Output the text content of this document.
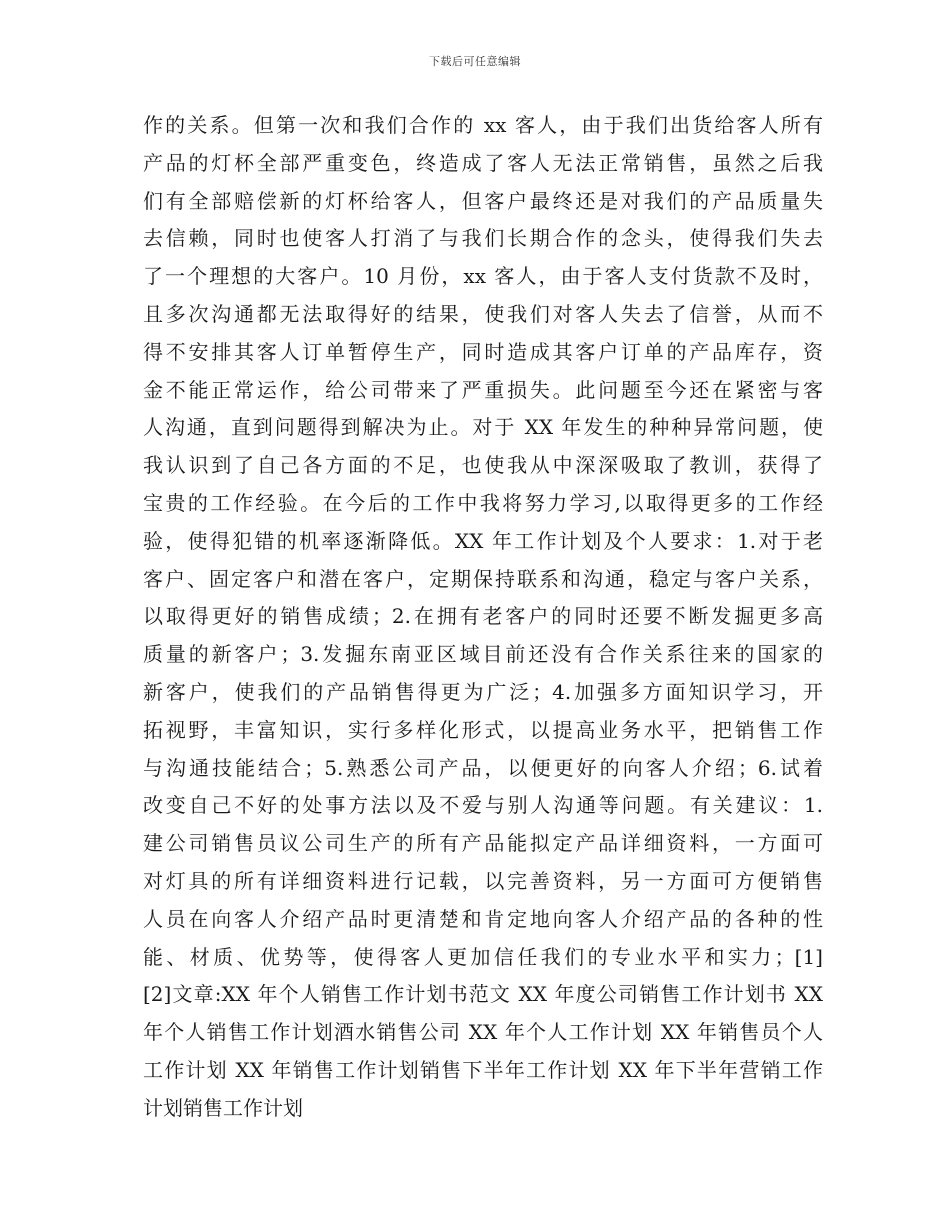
下载后可任意编辑
作的关系。但第一次和我们合作的 xx 客人，由于我们出货给客人所有
产品的灯杯全部严重变色，终造成了客人无法正常销售，虽然之后我
们有全部赔偿新的灯杯给客人，但客户最终还是对我们的产品质量失
去信赖，同时也使客人打消了与我们长期合作的念头，使得我们失去
了一个理想的大客户。10 月份，xx 客人，由于客人支付货款不及时，
且多次沟通都无法取得好的结果，使我们对客人失去了信誉，从而不
得不安排其客人订单暂停生产，同时造成其客户订单的产品库存，资
金不能正常运作，给公司带来了严重损失。此问题至今还在紧密与客
人沟通，直到问题得到解决为止。对于 XX 年发生的种种异常问题，使
我认识到了自己各方面的不足，也使我从中深深吸取了教训，获得了
宝贵的工作经验。在今后的工作中我将努力学习,以取得更多的工作经
验，使得犯错的机率逐渐降低。XX 年工作计划及个人要求：1.对于老
客户、固定客户和潜在客户，定期保持联系和沟通，稳定与客户关系，
以取得更好的销售成绩；2.在拥有老客户的同时还要不断发掘更多高
质量的新客户；3.发掘东南亚区域目前还没有合作关系往来的国家的
新客户，使我们的产品销售得更为广泛；4.加强多方面知识学习，开
拓视野，丰富知识，实行多样化形式，以提高业务水平，把销售工作
与沟通技能结合；5.熟悉公司产品，以便更好的向客人介绍；6.试着
改变自己不好的处事方法以及不爱与别人沟通等问题。有关建议：1.
建公司销售员议公司生产的所有产品能拟定产品详细资料，一方面可
对灯具的所有详细资料进行记载，以完善资料，另一方面可方便销售
人员在向客人介绍产品时更清楚和肯定地向客人介绍产品的各种的性
能、材质、优势等，使得客人更加信任我们的专业水平和实力；[1]
[2]文章:XX 年个人销售工作计划书范文 XX 年度公司销售工作计划书 XX
年个人销售工作计划酒水销售公司 XX 年个人工作计划 XX 年销售员个人
工作计划 XX 年销售工作计划销售下半年工作计划 XX 年下半年营销工作
计划销售工作计划
